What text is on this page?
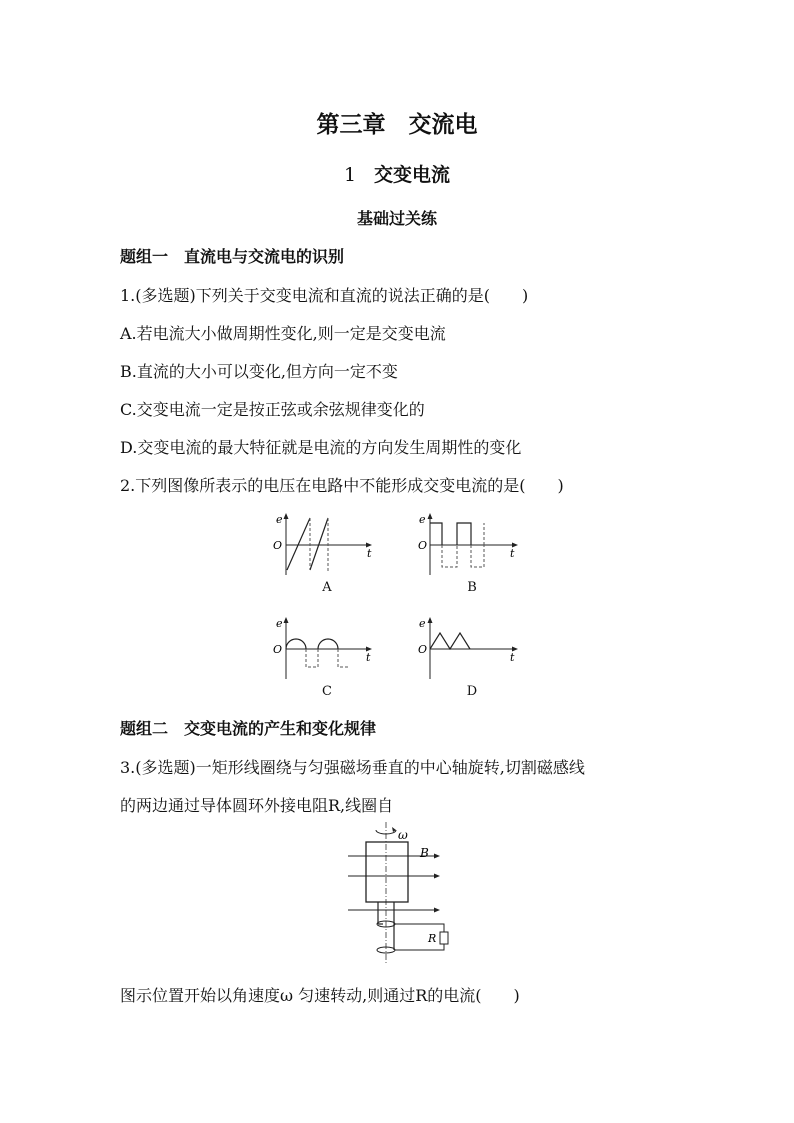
第三章　交流电
1 交变电流
基础过关练
题组一　直流电与交流电的识别
1.(多选题)下列关于交变电流和直流的说法正确的是(　　)
A.若电流大小做周期性变化,则一定是交变电流
B.直流的大小可以变化,但方向一定不变
C.交变电流一定是按正弦或余弦规律变化的
D.交变电流的最大特征就是电流的方向发生周期性的变化
2.下列图像所表示的电压在电路中不能形成交变电流的是(　　)
e
O
t
A
e
O
t
B
e
O
t
C
e
O
t
D
题组二　交变电流的产生和变化规律
3.(多选题)一矩形线圈绕与匀强磁场垂直的中心轴旋转,切割磁感线
的两边通过导体圆环外接电阻R,线圈自
ω
B
R
图示位置开始以角速度ω 匀速转动,则通过R的电流(　　)
